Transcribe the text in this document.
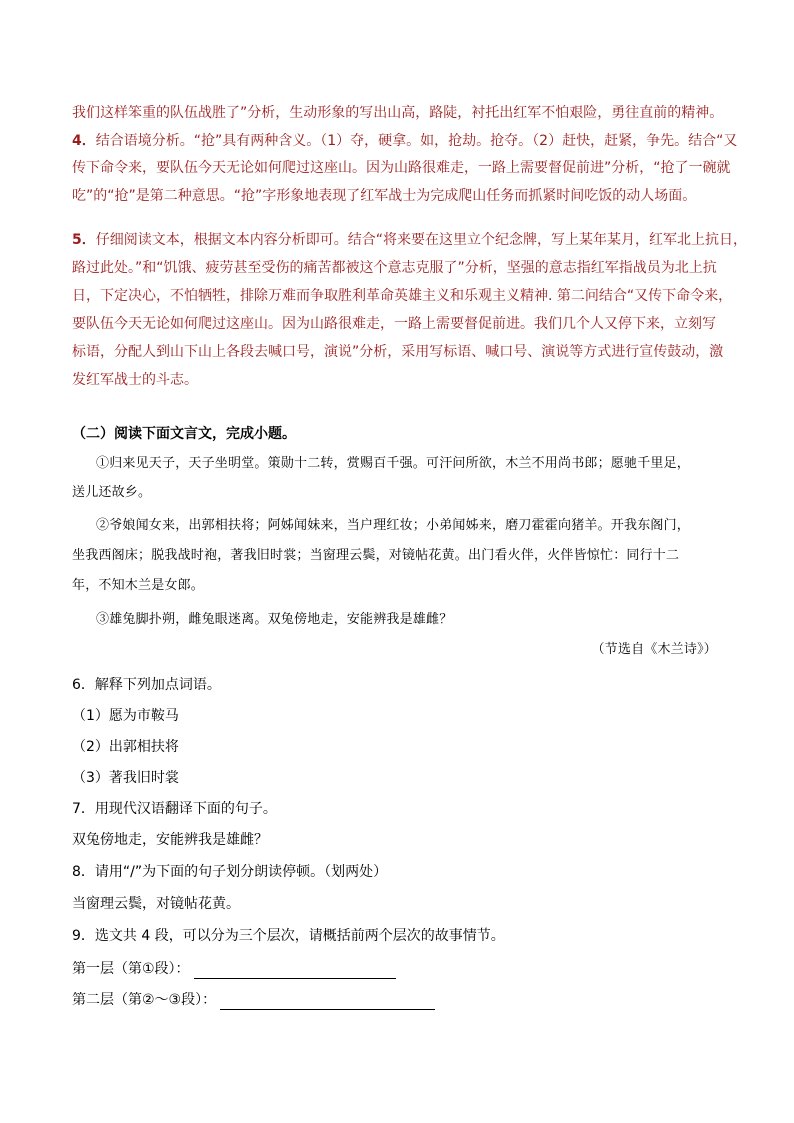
我们这样笨重的队伍战胜了”分析，生动形象的写出山高，路陡，衬托出红军不怕艰险，勇往直前的精神。
4．结合语境分析。“抢”具有两种含义。（1）夺，硬拿。如，抢劫。抢夺。（2）赶快，赶紧，争先。结合“又
传下命令来，要队伍今天无论如何爬过这座山。因为山路很难走，一路上需要督促前进”分析，“抢了一碗就
吃”的“抢”是第二种意思。“抢”字形象地表现了红军战士为完成爬山任务而抓紧时间吃饭的动人场面。
5．仔细阅读文本，根据文本内容分析即可。结合“将来要在这里立个纪念牌，写上某年某月，红军北上抗日，
路过此处。”和“饥饿、疲劳甚至受伤的痛苦都被这个意志克服了”分析，坚强的意志指红军指战员为北上抗
日，下定决心，不怕牺牲，排除万难而争取胜利革命英雄主义和乐观主义精神. 第二问结合“又传下命令来，
要队伍今天无论如何爬过这座山。因为山路很难走，一路上需要督促前进。我们几个人又停下来，立刻写
标语，分配人到山下山上各段去喊口号，演说”分析，采用写标语、喊口号、演说等方式进行宣传鼓动，激
发红军战士的斗志。
（二）阅读下面文言文，完成小题。
①归来见天子，天子坐明堂。策勋十二转，赏赐百千强。可汗问所欲，木兰不用尚书郎；愿驰千里足，
送儿还故乡。
②爷娘闻女来，出郭相扶将；阿姊闻妹来，当户理红妆；小弟闻姊来，磨刀霍霍向猪羊。开我东阁门，
坐我西阁床；脱我战时袍，著我旧时裳；当窗理云鬓，对镜帖花黄。出门看火伴，火伴皆惊忙：同行十二
年，不知木兰是女郎。
③雄兔脚扑朔，雌兔眼迷离。双兔傍地走，安能辨我是雄雌？
（节选自《木兰诗》）
6．解释下列加点词语。
（1）愿为市鞍马
（2）出郭相扶将
（3）著我旧时裳
7．用现代汉语翻译下面的句子。
双兔傍地走，安能辨我是雄雌？
8．请用“/”为下面的句子划分朗读停顿。（划两处）
当窗理云鬓，对镜帖花黄。
9．选文共 4 段，可以分为三个层次，请概括前两个层次的故事情节。
第一层（第①段）：
第二层（第②～③段）：
